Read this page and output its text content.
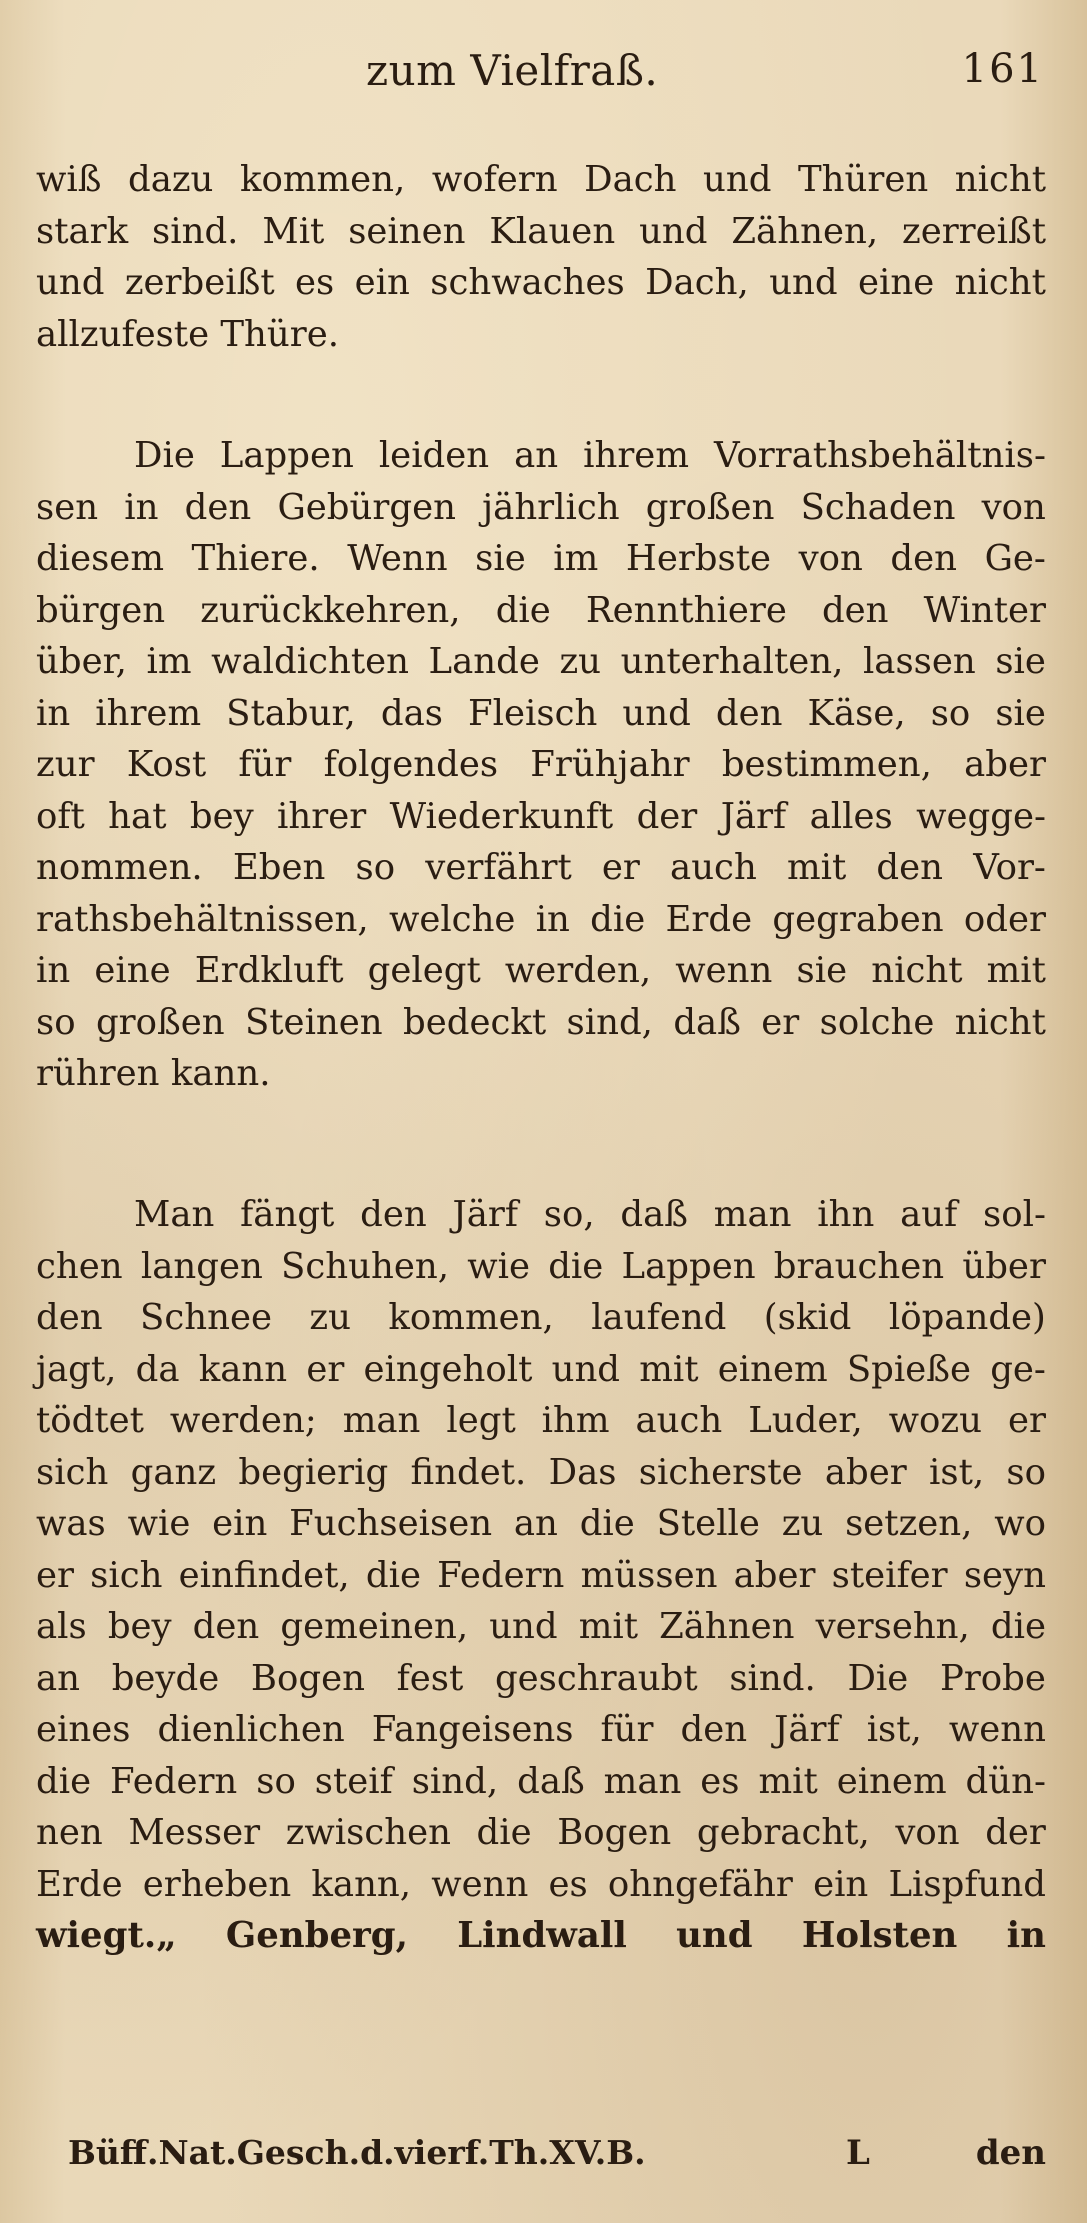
zum Vielfraß.	161
wiß dazu kommen, wofern Dach und Thüren nicht
stark sind. Mit seinen Klauen und Zähnen, zerreißt
und zerbeißt es ein schwaches Dach, und eine nicht
allzufeste Thüre.
Die Lappen leiden an ihrem Vorrathsbehältnis-
sen in den Gebürgen jährlich großen Schaden von
diesem Thiere. Wenn sie im Herbste von den Ge-
bürgen zurückkehren, die Rennthiere den Winter
über, im waldichten Lande zu unterhalten, lassen sie
in ihrem Stabur, das Fleisch und den Käse, so sie
zur Kost für folgendes Frühjahr bestimmen, aber
oft hat bey ihrer Wiederkunft der Järf alles wegge-
nommen. Eben so verfährt er auch mit den Vor-
rathsbehältnissen, welche in die Erde gegraben oder
in eine Erdkluft gelegt werden, wenn sie nicht mit
so großen Steinen bedeckt sind, daß er solche nicht
rühren kann.
Man fängt den Järf so, daß man ihn auf sol-
chen langen Schuhen, wie die Lappen brauchen über
den Schnee zu kommen, laufend (skid löpande)
jagt, da kann er eingeholt und mit einem Spieße ge-
tödtet werden; man legt ihm auch Luder, wozu er
sich ganz begierig findet. Das sicherste aber ist, so
was wie ein Fuchseisen an die Stelle zu setzen, wo
er sich einfindet, die Federn müssen aber steifer seyn
als bey den gemeinen, und mit Zähnen versehn, die
an beyde Bogen fest geschraubt sind. Die Probe
eines dienlichen Fangeisens für den Järf ist, wenn
die Federn so steif sind, daß man es mit einem dün-
nen Messer zwischen die Bogen gebracht, von der
Erde erheben kann, wenn es ohngefähr ein Lispfund
wiegt.„ Genberg, Lindwall und Holsten in
Büff.Nat.Gesch.d.vierf.Th.XV.B.	L	den
